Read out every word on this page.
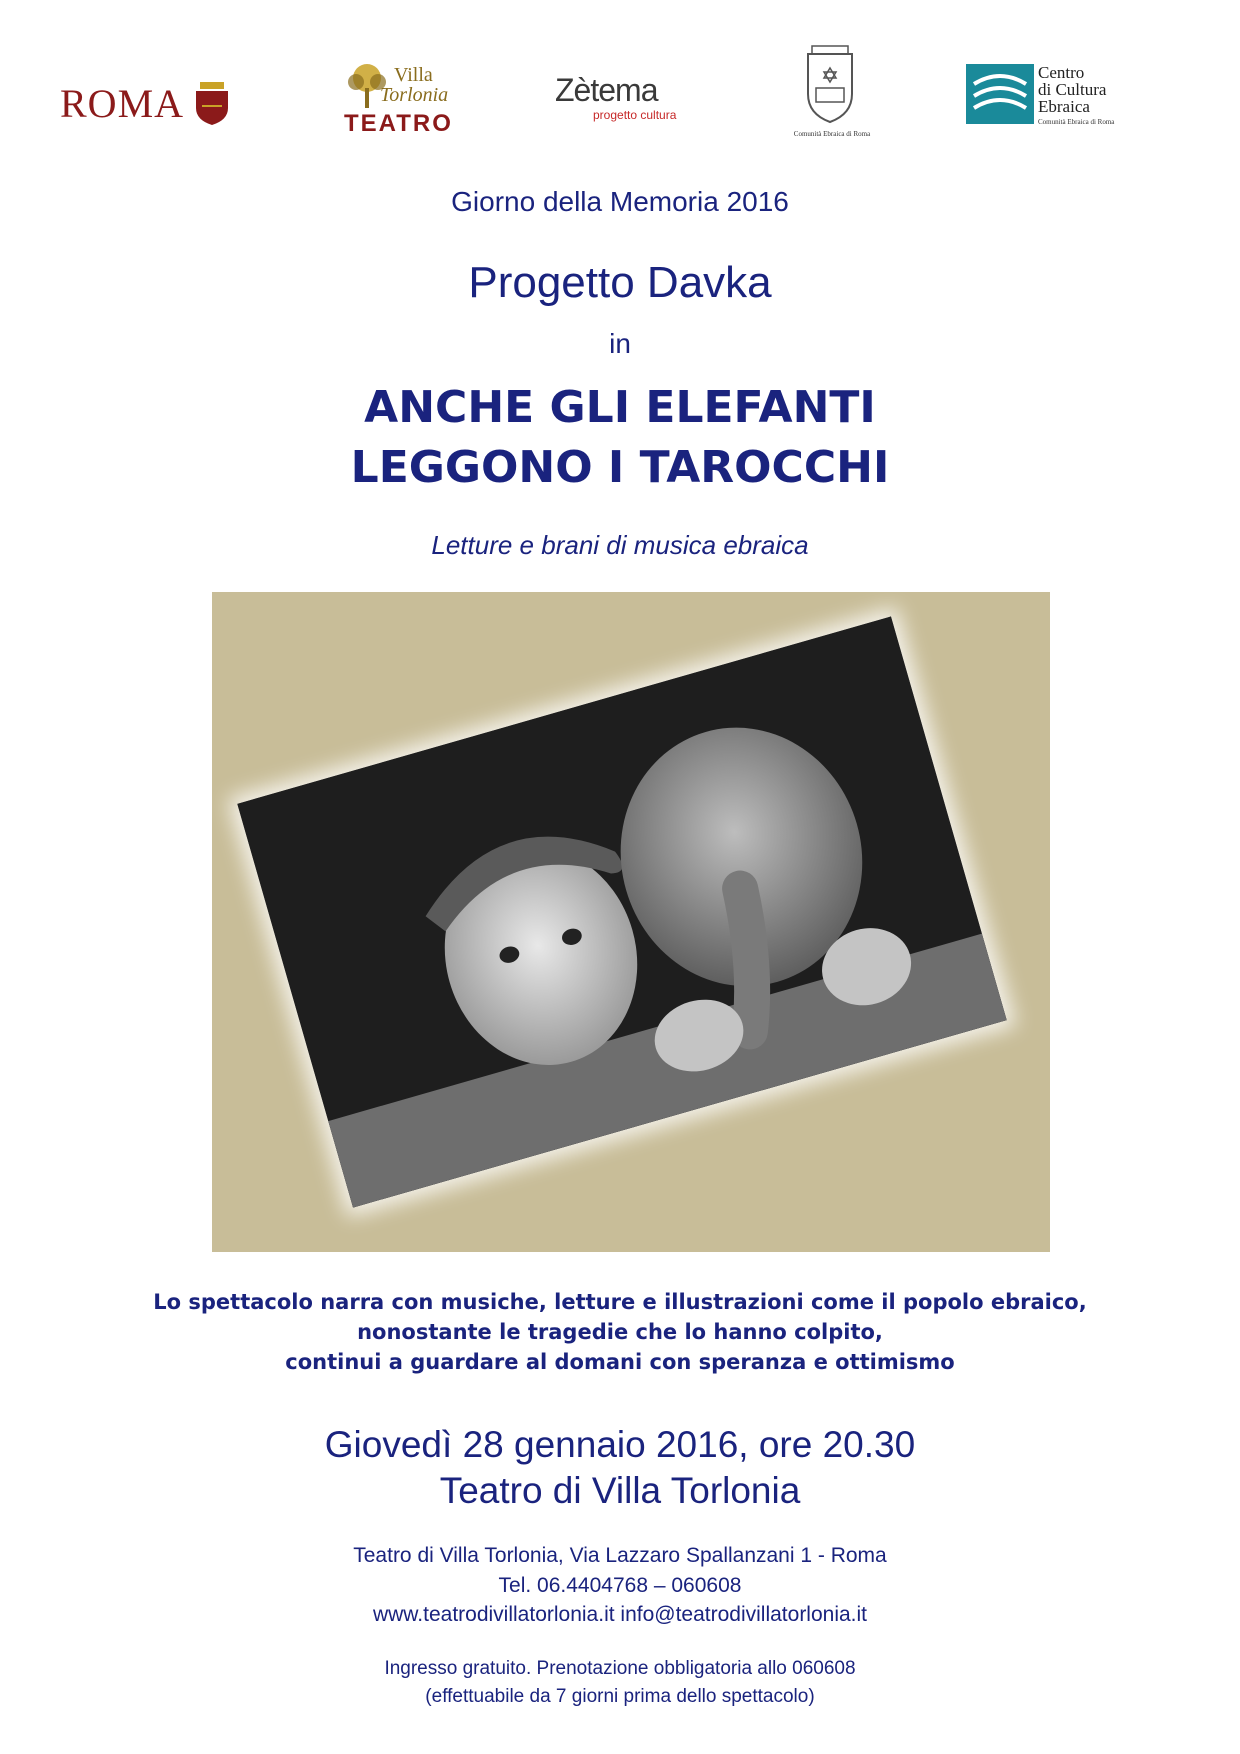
ROMA
Villa
Torlonia
TEATRO
Zètema
progetto cultura
Comunità Ebraica di Roma
Centro
di Cultura
Ebraica
Comunità Ebraica di Roma
Giorno della Memoria 2016
Progetto Davka
in
ANCHE GLI ELEFANTI
LEGGONO I TAROCCHI
Letture e brani di musica ebraica
Lo spettacolo narra con musiche, letture e illustrazioni come il popolo ebraico,
nonostante le tragedie che lo hanno colpito,
continui a guardare al domani con speranza e ottimismo
Giovedì 28 gennaio 2016, ore 20.30
Teatro di Villa Torlonia
Teatro di Villa Torlonia, Via Lazzaro Spallanzani 1 - Roma
Tel. 06.4404768 – 060608
www.teatrodivillatorlonia.it info@teatrodivillatorlonia.it
Ingresso gratuito. Prenotazione obbligatoria allo 060608
(effettuabile da 7 giorni prima dello spettacolo)
